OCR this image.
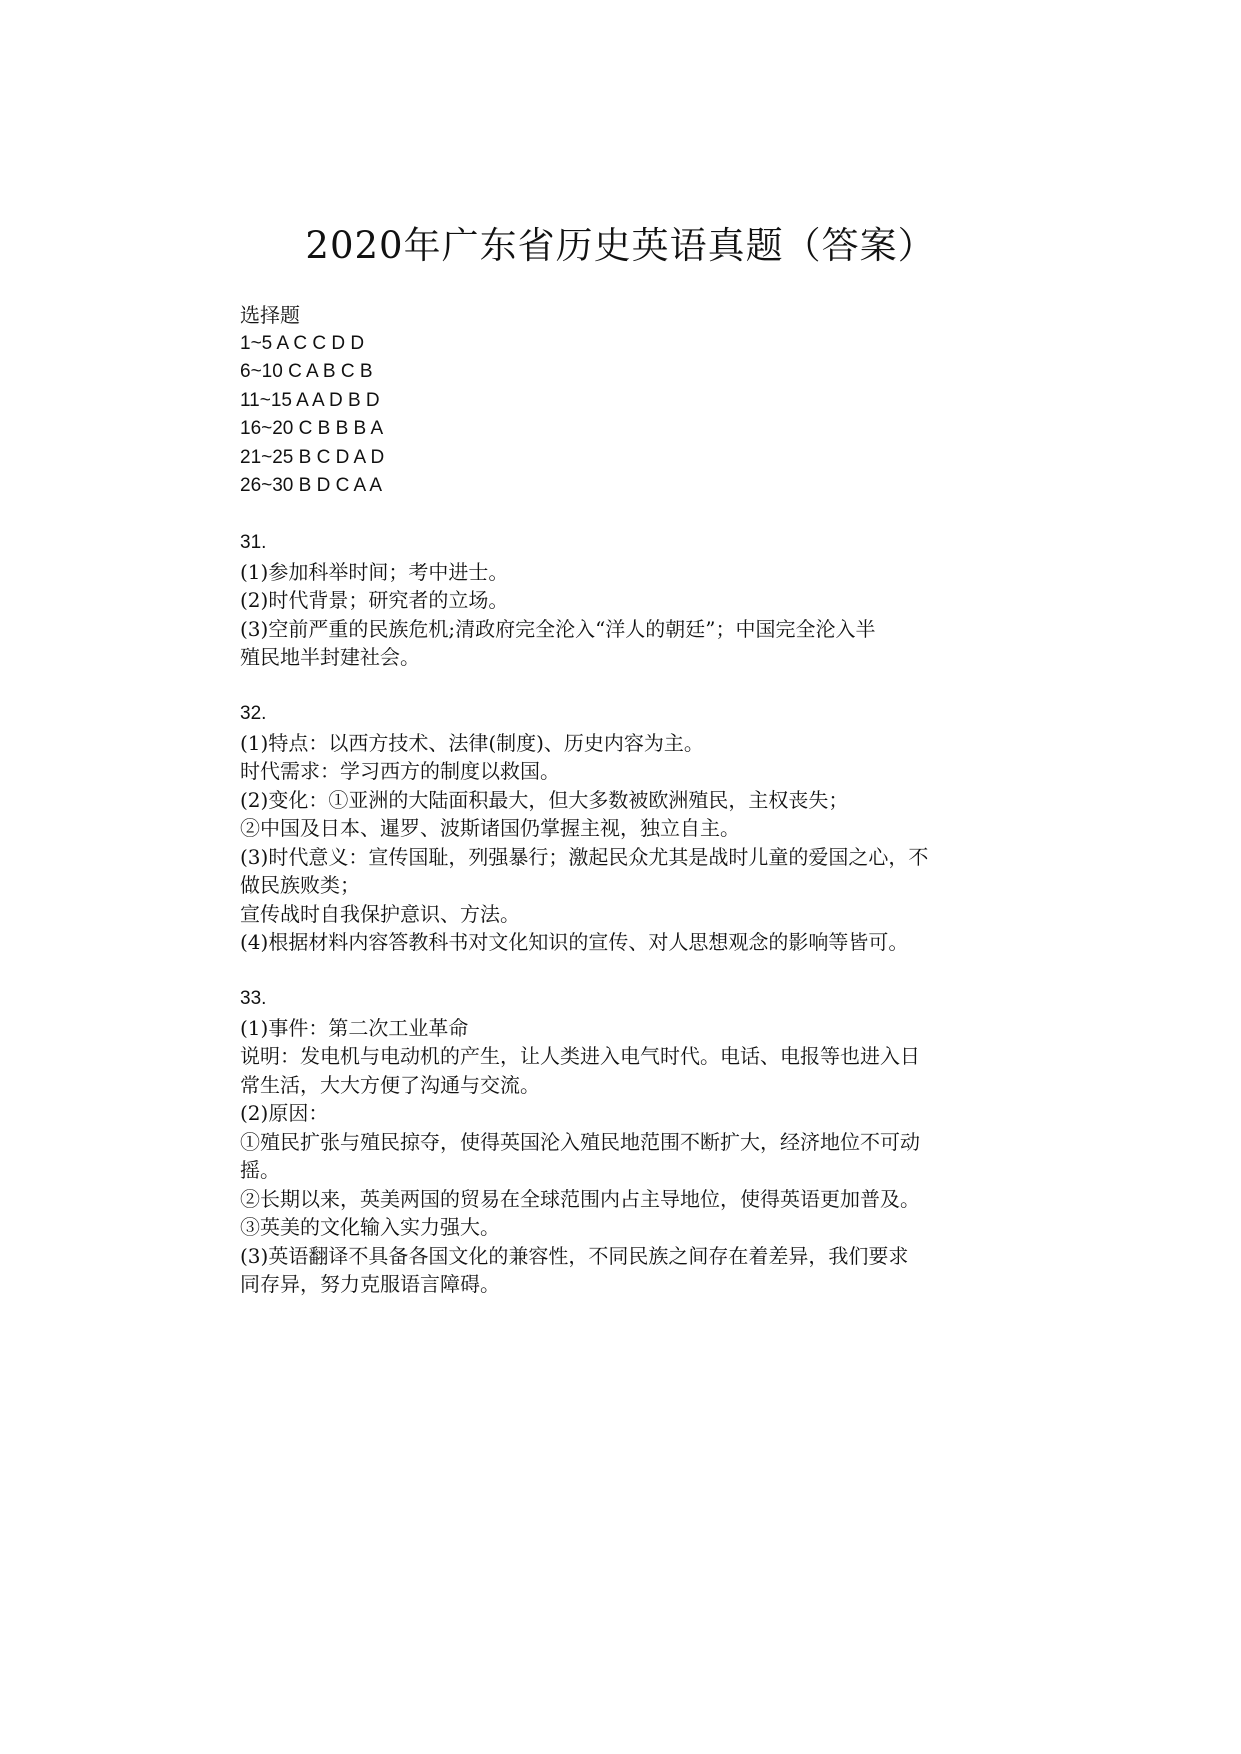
2020年广东省历史英语真题（答案）
选择题
1~5 A C C D D
6~10 C A B C B
11~15 A A D B D
16~20 C B B B A
21~25 B C D A D
26~30 B D C A A
31.
(1)参加科举时间；考中进士。
(2)时代背景；研究者的立场。
(3)空前严重的民族危机;清政府完全沦入“洋人的朝廷”；中国完全沦入半
殖民地半封建社会。
32.
(1)特点：以西方技术、法律(制度)、历史内容为主。
时代需求：学习西方的制度以救国。
(2)变化：①亚洲的大陆面积最大，但大多数被欧洲殖民，主权丧失；
②中国及日本、暹罗、波斯诸国仍掌握主视，独立自主。
(3)时代意义：宣传国耻，列强暴行；激起民众尤其是战时儿童的爱国之心，不
做民族败类；
宣传战时自我保护意识、方法。
(4)根据材料内容答教科书对文化知识的宣传、对人思想观念的影响等皆可。
33.
(1)事件：第二次工业革命
说明：发电机与电动机的产生，让人类进入电气时代。电话、电报等也进入日
常生活，大大方便了沟通与交流。
(2)原因：
①殖民扩张与殖民掠夺，使得英国沦入殖民地范围不断扩大，经济地位不可动
摇。
②长期以来，英美两国的贸易在全球范围内占主导地位，使得英语更加普及。
③英美的文化输入实力强大。
(3)英语翻译不具备各国文化的兼容性，不同民族之间存在着差异，我们要求
同存异，努力克服语言障碍。
